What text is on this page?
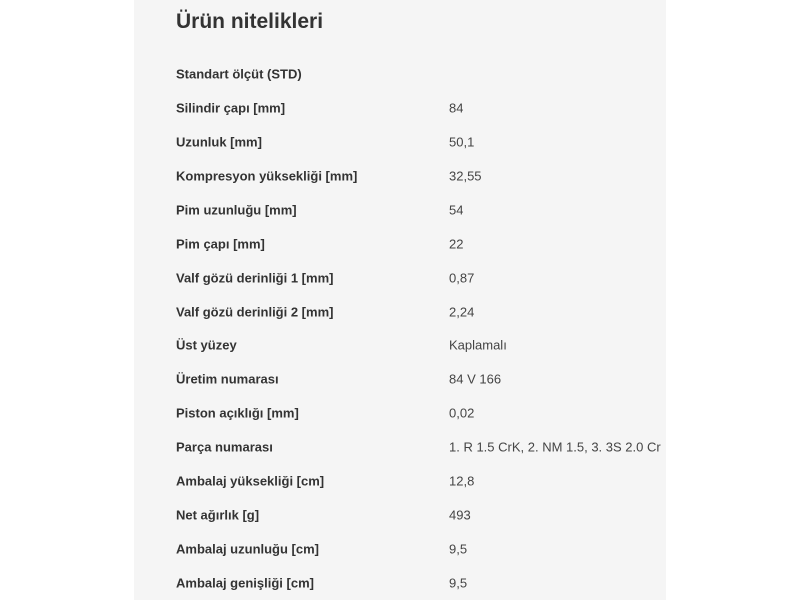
Ürün nitelikleri
Standart ölçüt (STD)
Silindir çapı [mm]	84
Uzunluk [mm]	50,1
Kompresyon yüksekliği [mm]	32,55
Pim uzunluğu [mm]	54
Pim çapı [mm]	22
Valf gözü derinliği 1 [mm]	0,87
Valf gözü derinliği 2 [mm]	2,24
Üst yüzey	Kaplamalı
Üretim numarası	84 V 166
Piston açıklığı [mm]	0,02
Parça numarası	1. R 1.5 CrK, 2. NM 1.5, 3. 3S 2.0 Cr
Ambalaj yüksekliği [cm]	12,8
Net ağırlık [g]	493
Ambalaj uzunluğu [cm]	9,5
Ambalaj genişliği [cm]	9,5
